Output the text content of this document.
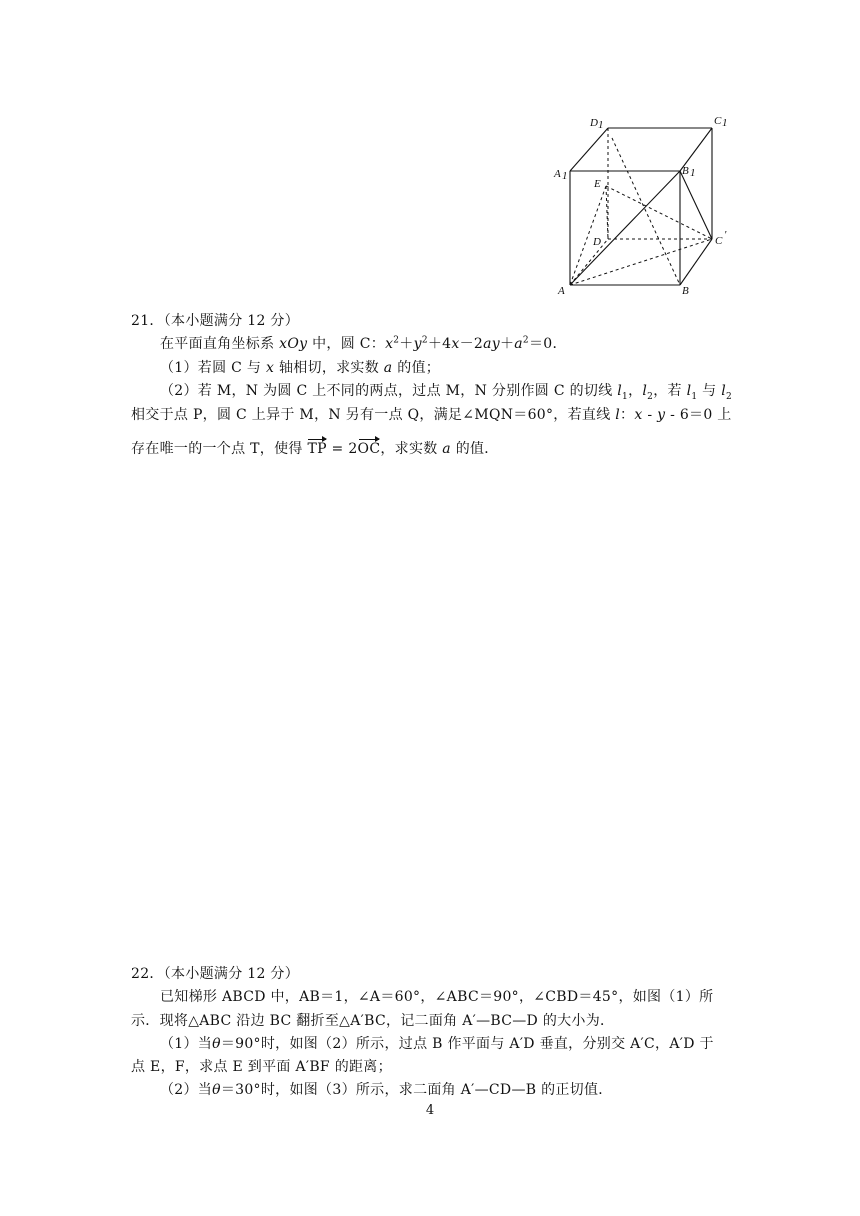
D 1	C 1
A 1	B 1
E
D	C '
A	B
21．（本小题满分 12 分）
在平面直角坐标系 xOy 中，圆 C：$x^2+y^2+4x-2ay+a^2=0$．
（1）若圆 C 与 x 轴相切，求实数 a 的值；
（2）若 M，N 为圆 C 上不同的两点，过点 M，N 分别作圆 C 的切线 $l_1$，$l_2$，若 $l_1$ 与 $l_2$
相交于点 P，圆 C 上异于 M，N 另有一点 Q，满足∠MQN＝60°，若直线 l：x - y - 6＝0 上
存在唯一的一个点 T，使得 TP = 2OC，求实数 a 的值．
22．（本小题满分 12 分）
已知梯形 ABCD 中，AB＝1，∠A＝60°，∠ABC＝90°，∠CBD＝45°，如图（1）所
示．现将△ABC 沿边 BC 翻折至△A′BC，记二面角 A′—BC—D 的大小为．
（1）当θ＝90°时，如图（2）所示，过点 B 作平面与 A′D 垂直，分别交 A′C，A′D 于
点 E，F，求点 E 到平面 A′BF 的距离；
（2）当θ＝30°时，如图（3）所示，求二面角 A′—CD—B 的正切值．
4
